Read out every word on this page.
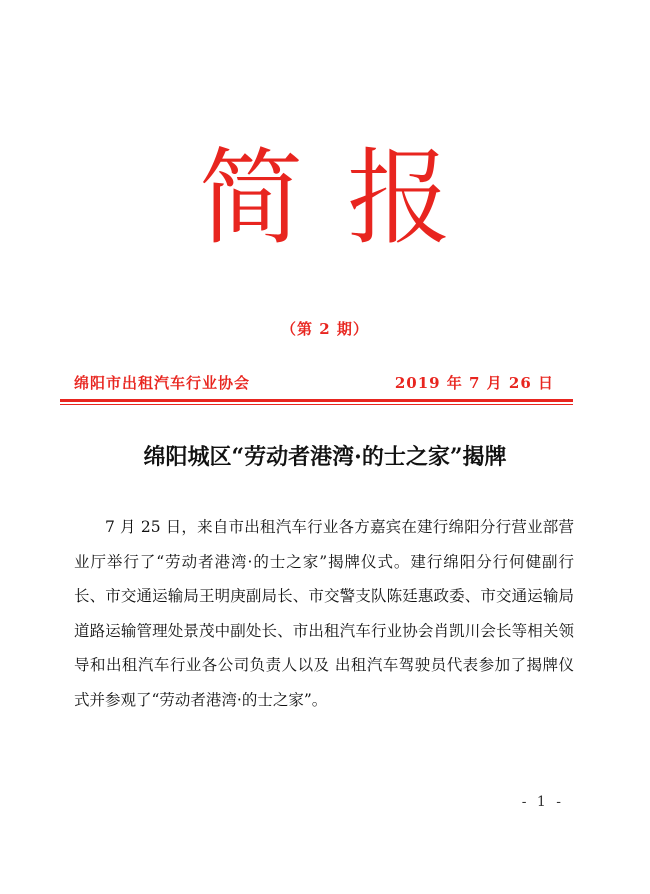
简报
（第 2 期）
绵阳市出租汽车行业协会	2019 年 7 月 26 日
绵阳城区“劳动者港湾·的士之家”揭牌

7 月 25 日，来自市出租汽车行业各方嘉宾在建行绵阳分行营业部营业厅举行了“劳动者港湾·的士之家”揭牌仪式。建行绵阳分行何健副行长、市交通运输局王明庚副局长、市交警支队陈廷惠政委、市交通运输局道路运输管理处景茂中副处长、市出租汽车行业协会肖凯川会长等相关领导和出租汽车行业各公司负责人以及 出租汽车驾驶员代表参加了揭牌仪式并参观了“劳动者港湾·的士之家”。

- 1 -
